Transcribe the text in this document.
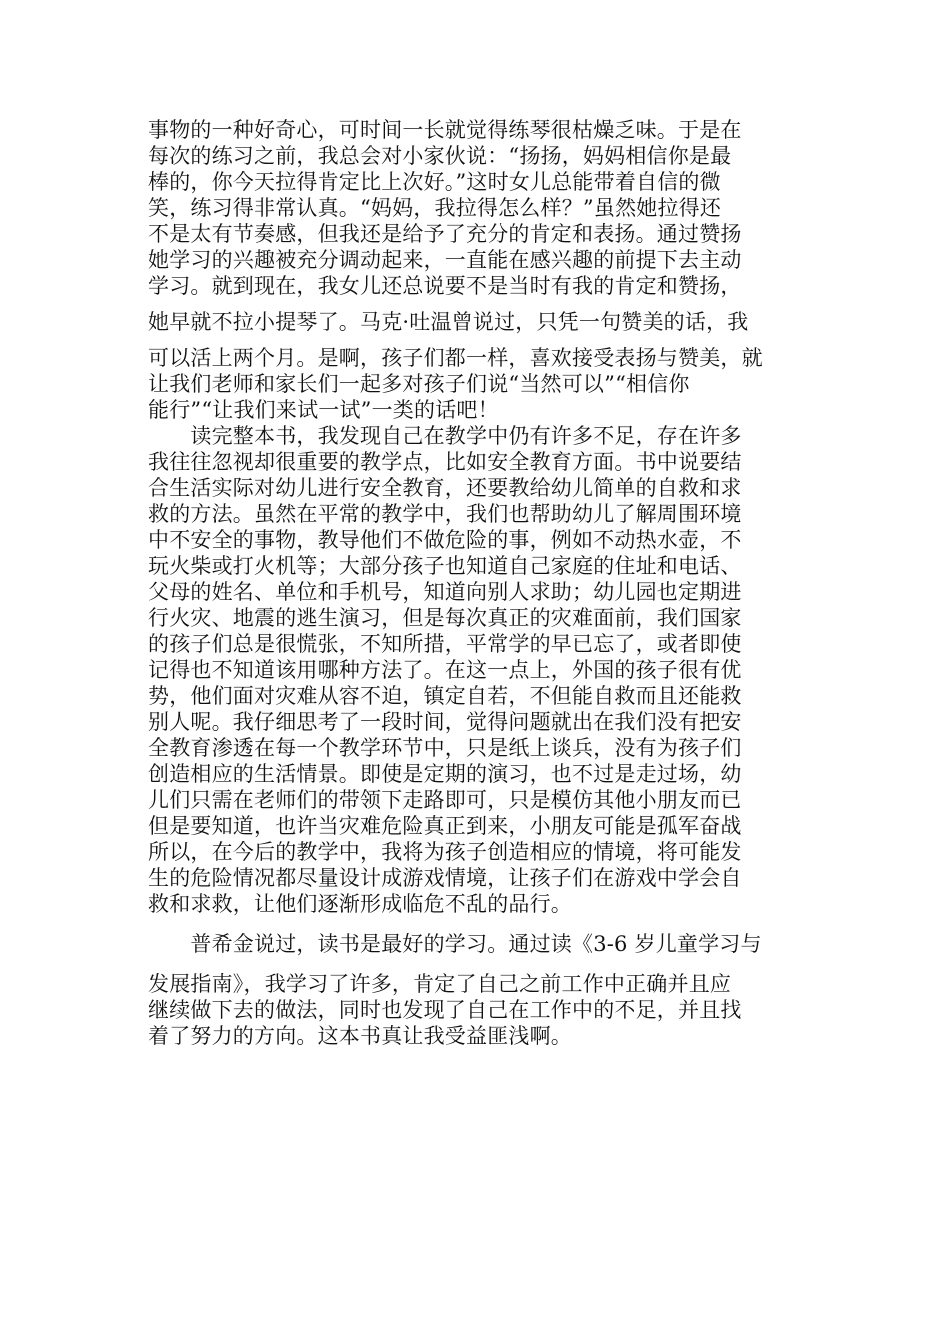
事物的一种好奇心，可时间一长就觉得练琴很枯燥乏味。于是在
每次的练习之前，我总会对小家伙说：“扬扬，妈妈相信你是最
棒的，你今天拉得肯定比上次好。”这时女儿总能带着自信的微
笑，练习得非常认真。“妈妈，我拉得怎么样？”虽然她拉得还
不是太有节奏感，但我还是给予了充分的肯定和表扬。通过赞扬
她学习的兴趣被充分调动起来，一直能在感兴趣的前提下去主动
学习。就到现在，我女儿还总说要不是当时有我的肯定和赞扬，
她早就不拉小提琴了。马克·吐温曾说过，只凭一句赞美的话，我
可以活上两个月。是啊，孩子们都一样，喜欢接受表扬与赞美，就
让我们老师和家长们一起多对孩子们说“当然可以”“相信你
能行”“让我们来试一试”一类的话吧！
　　读完整本书，我发现自己在教学中仍有许多不足，存在许多
我往往忽视却很重要的教学点，比如安全教育方面。书中说要结
合生活实际对幼儿进行安全教育，还要教给幼儿简单的自救和求
救的方法。虽然在平常的教学中，我们也帮助幼儿了解周围环境
中不安全的事物，教导他们不做危险的事，例如不动热水壶，不
玩火柴或打火机等；大部分孩子也知道自己家庭的住址和电话、
父母的姓名、单位和手机号，知道向别人求助；幼儿园也定期进
行火灾、地震的逃生演习，但是每次真正的灾难面前，我们国家
的孩子们总是很慌张，不知所措，平常学的早已忘了，或者即使
记得也不知道该用哪种方法了。在这一点上，外国的孩子很有优
势，他们面对灾难从容不迫，镇定自若，不但能自救而且还能救
别人呢。我仔细思考了一段时间，觉得问题就出在我们没有把安
全教育渗透在每一个教学环节中，只是纸上谈兵，没有为孩子们
创造相应的生活情景。即使是定期的演习，也不过是走过场，幼
儿们只需在老师们的带领下走路即可，只是模仿其他小朋友而已
但是要知道，也许当灾难危险真正到来，小朋友可能是孤军奋战
所以，在今后的教学中，我将为孩子创造相应的情境，将可能发
生的危险情况都尽量设计成游戏情境，让孩子们在游戏中学会自
救和求救，让他们逐渐形成临危不乱的品行。
　　普希金说过，读书是最好的学习。通过读《3-6 岁儿童学习与
发展指南》，我学习了许多，肯定了自己之前工作中正确并且应
继续做下去的做法，同时也发现了自己在工作中的不足，并且找
着了努力的方向。这本书真让我受益匪浅啊。
